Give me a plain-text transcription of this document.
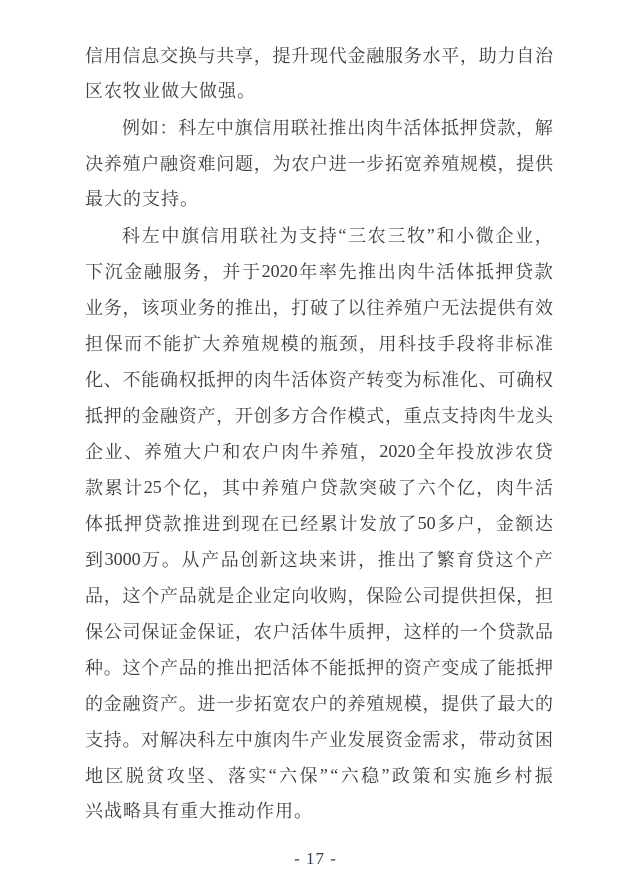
信 用 信 息 交 换 与 共 享 ， 提 升 现 代 金 融 服 务 水 平 ， 助 力 自 治
区农牧业做大做强。
例 如 ： 科 左 中 旗 信 用 联 社 推 出 肉 牛 活 体 抵 押 贷 款 ， 解
决 养 殖 户 融 资 难 问 题 ， 为 农 户 进 一 步 拓 宽 养 殖 规 模 ， 提 供
最大的支持。
科 左 中 旗 信 用 联 社 为 支 持 “ 三 农 三 牧 ” 和 小 微 企 业 ，
下 沉 金 融 服 务 ， 并 于 2020 年 率 先 推 出 肉 牛 活 体 抵 押 贷 款
业 务 ， 该 项 业 务 的 推 出 ， 打 破 了 以 往 养 殖 户 无 法 提 供 有 效
担 保 而 不 能 扩 大 养 殖 规 模 的 瓶 颈 ， 用 科 技 手 段 将 非 标 准
化 、 不 能 确 权 抵 押 的 肉 牛 活 体 资 产 转 变 为 标 准 化 、 可 确 权
抵 押 的 金 融 资 产 ， 开 创 多 方 合 作 模 式 ， 重 点 支 持 肉 牛 龙 头
企 业 、 养 殖 大 户 和 农 户 肉 牛 养 殖 ， 2020 全 年 投 放 涉 农 贷
款 累 计 25 个 亿 ， 其 中 养 殖 户 贷 款 突 破 了 六 个 亿 ， 肉 牛 活
体 抵 押 贷 款 推 进 到 现 在 已 经 累 计 发 放 了 50 多 户 ， 金 额 达
到 3000 万 。 从 产 品 创 新 这 块 来 讲 ， 推 出 了 繁 育 贷 这 个 产
品 ， 这 个 产 品 就 是 企 业 定 向 收 购 ， 保 险 公 司 提 供 担 保 ， 担
保 公 司 保 证 金 保 证 ， 农 户 活 体 牛 质 押 ， 这 样 的 一 个 贷 款 品
种 。 这 个 产 品 的 推 出 把 活 体 不 能 抵 押 的 资 产 变 成 了 能 抵 押
的 金 融 资 产 。 进 一 步 拓 宽 农 户 的 养 殖 规 模 ， 提 供 了 最 大 的
支 持 。 对 解 决 科 左 中 旗 肉 牛 产 业 发 展 资 金 需 求 ， 带 动 贫 困
地 区 脱 贫 攻 坚 、 落 实 “ 六 保 ” “ 六 稳 ” 政 策 和 实 施 乡 村 振
兴战略具有重大推动作用。
- 17 -
